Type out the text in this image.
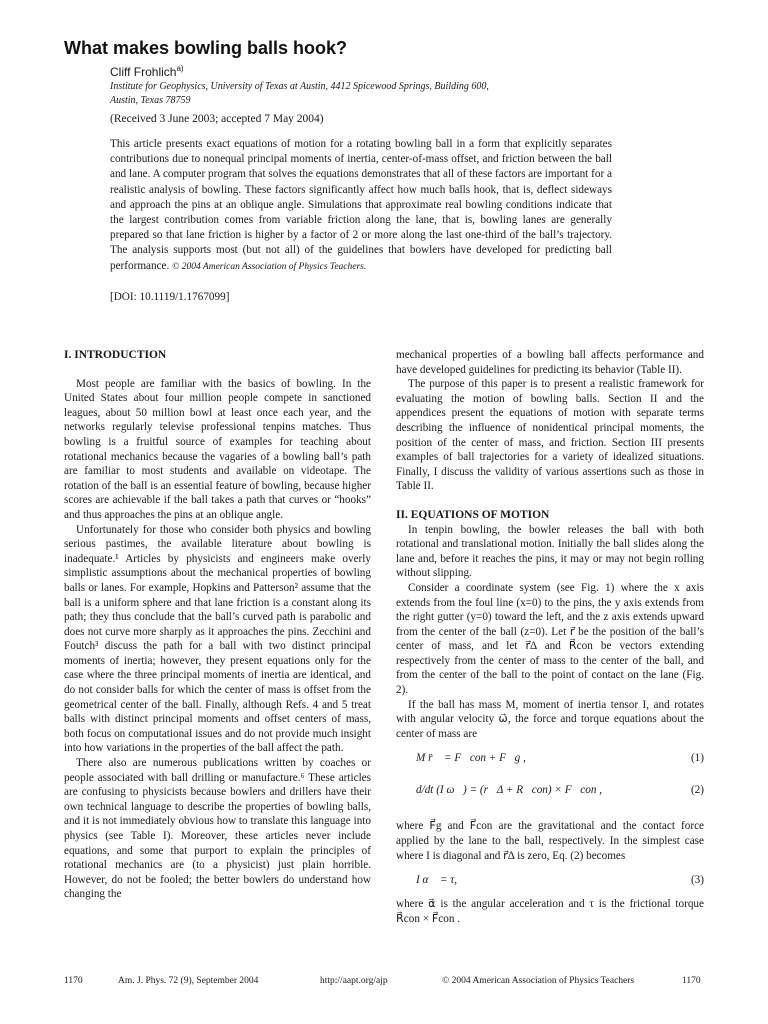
What makes bowling balls hook?
Cliff Frohlich$^{a)}$
Institute for Geophysics, University of Texas at Austin, 4412 Spicewood Springs, Building 600, Austin, Texas 78759
(Received 3 June 2003; accepted 7 May 2004)
This article presents exact equations of motion for a rotating bowling ball in a form that explicitly separates contributions due to nonequal principal moments of inertia, center-of-mass offset, and friction between the ball and lane. A computer program that solves the equations demonstrates that all of these factors are important for a realistic analysis of bowling. These factors significantly affect how much balls hook, that is, deflect sideways and approach the pins at an oblique angle. Simulations that approximate real bowling conditions indicate that the largest contribution comes from variable friction along the lane, that is, bowling lanes are generally prepared so that lane friction is higher by a factor of 2 or more along the last one-third of the ball’s trajectory. The analysis supports most (but not all) of the guidelines that bowlers have developed for predicting ball performance. © 2004 American Association of Physics Teachers.
[DOI: 10.1119/1.1767099]

I. INTRODUCTION

Most people are familiar with the basics of bowling. In the United States about four million people compete in sanctioned leagues, about 50 million bowl at least once each year, and the networks regularly televise professional tenpins matches. Thus bowling is a fruitful source of examples for teaching about rotational mechanics because the vagaries of a bowling ball’s path are familiar to most students and available on videotape. The rotation of the ball is an essential feature of bowling, because higher scores are achievable if the ball takes a path that curves or “hooks” and thus approaches the pins at an oblique angle.

Unfortunately for those who consider both physics and bowling serious pastimes, the available literature about bowling is inadequate.¹ Articles by physicists and engineers make overly simplistic assumptions about the mechanical properties of bowling balls or lanes. For example, Hopkins and Patterson² assume that the ball is a uniform sphere and that lane friction is a constant along its path; they thus conclude that the ball’s curved path is parabolic and does not curve more sharply as it approaches the pins. Zecchini and Foutch³ discuss the path for a ball with two distinct principal moments of inertia; however, they present equations only for the case where the three principal moments of inertia are identical, and do not consider balls for which the center of mass is offset from the geometrical center of the ball. Finally, although Refs. 4 and 5 treat balls with distinct principal moments and offset centers of mass, both focus on computational issues and do not provide much insight into how variations in the properties of the ball affect the path.

There also are numerous publications written by coaches or people associated with ball drilling or manufacture.⁶ These articles are confusing to physicists because bowlers and drillers have their own technical language to describe the properties of bowling balls, and it is not immediately obvious how to translate this language into physics (see Table I). Moreover, these articles never include equations, and some that purport to explain the principles of rotational mechanics are (to a physicist) just plain horrible. However, do not be fooled; the better bowlers do understand how changing the

mechanical properties of a bowling ball affects performance and have developed guidelines for predicting its behavior (Table II).

The purpose of this paper is to present a realistic framework for evaluating the motion of bowling balls. Section II and the appendices present the equations of motion with separate terms describing the influence of nonidentical principal moments, the position of the center of mass, and friction. Section III presents examples of ball trajectories for a variety of idealized situations. Finally, I discuss the validity of various assertions such as those in Table II.

II. EQUATIONS OF MOTION

In tenpin bowling, the bowler releases the ball with both rotational and translational motion. Initially the ball slides along the lane and, before it reaches the pins, it may or may not begin rolling without slipping.

Consider a coordinate system (see Fig. 1) where the x axis extends from the foul line (x=0) to the pins, the y axis extends from the right gutter (y=0) toward the left, and the z axis extends upward from the center of the ball (z=0). Let r⃗ be the position of the ball’s center of mass, and let r⃗Δ and R⃗con be vectors extending respectively from the center of mass to the center of the ball, and from the center of the ball to the point of contact on the lane (Fig. 2).

If the ball has mass M, moment of inertia tensor I, and rotates with angular velocity ω⃗, the force and torque equations about the center of mass are

M r̈⃗ = F⃗con + F⃗g ,	(1)
d/dt (I ω⃗) = (r⃗Δ + R⃗con) × F⃗con ,	(2)

where F⃗g and F⃗con are the gravitational and the contact force applied by the lane to the ball, respectively. In the simplest case where I is diagonal and r⃗Δ is zero, Eq. (2) becomes

I α⃗ = τ,	(3)

where α⃗ is the angular acceleration and τ is the frictional torque R⃗con × F⃗con .

1170	Am. J. Phys. 72 (9), September 2004	http://aapt.org/ajp	© 2004 American Association of Physics Teachers	1170
